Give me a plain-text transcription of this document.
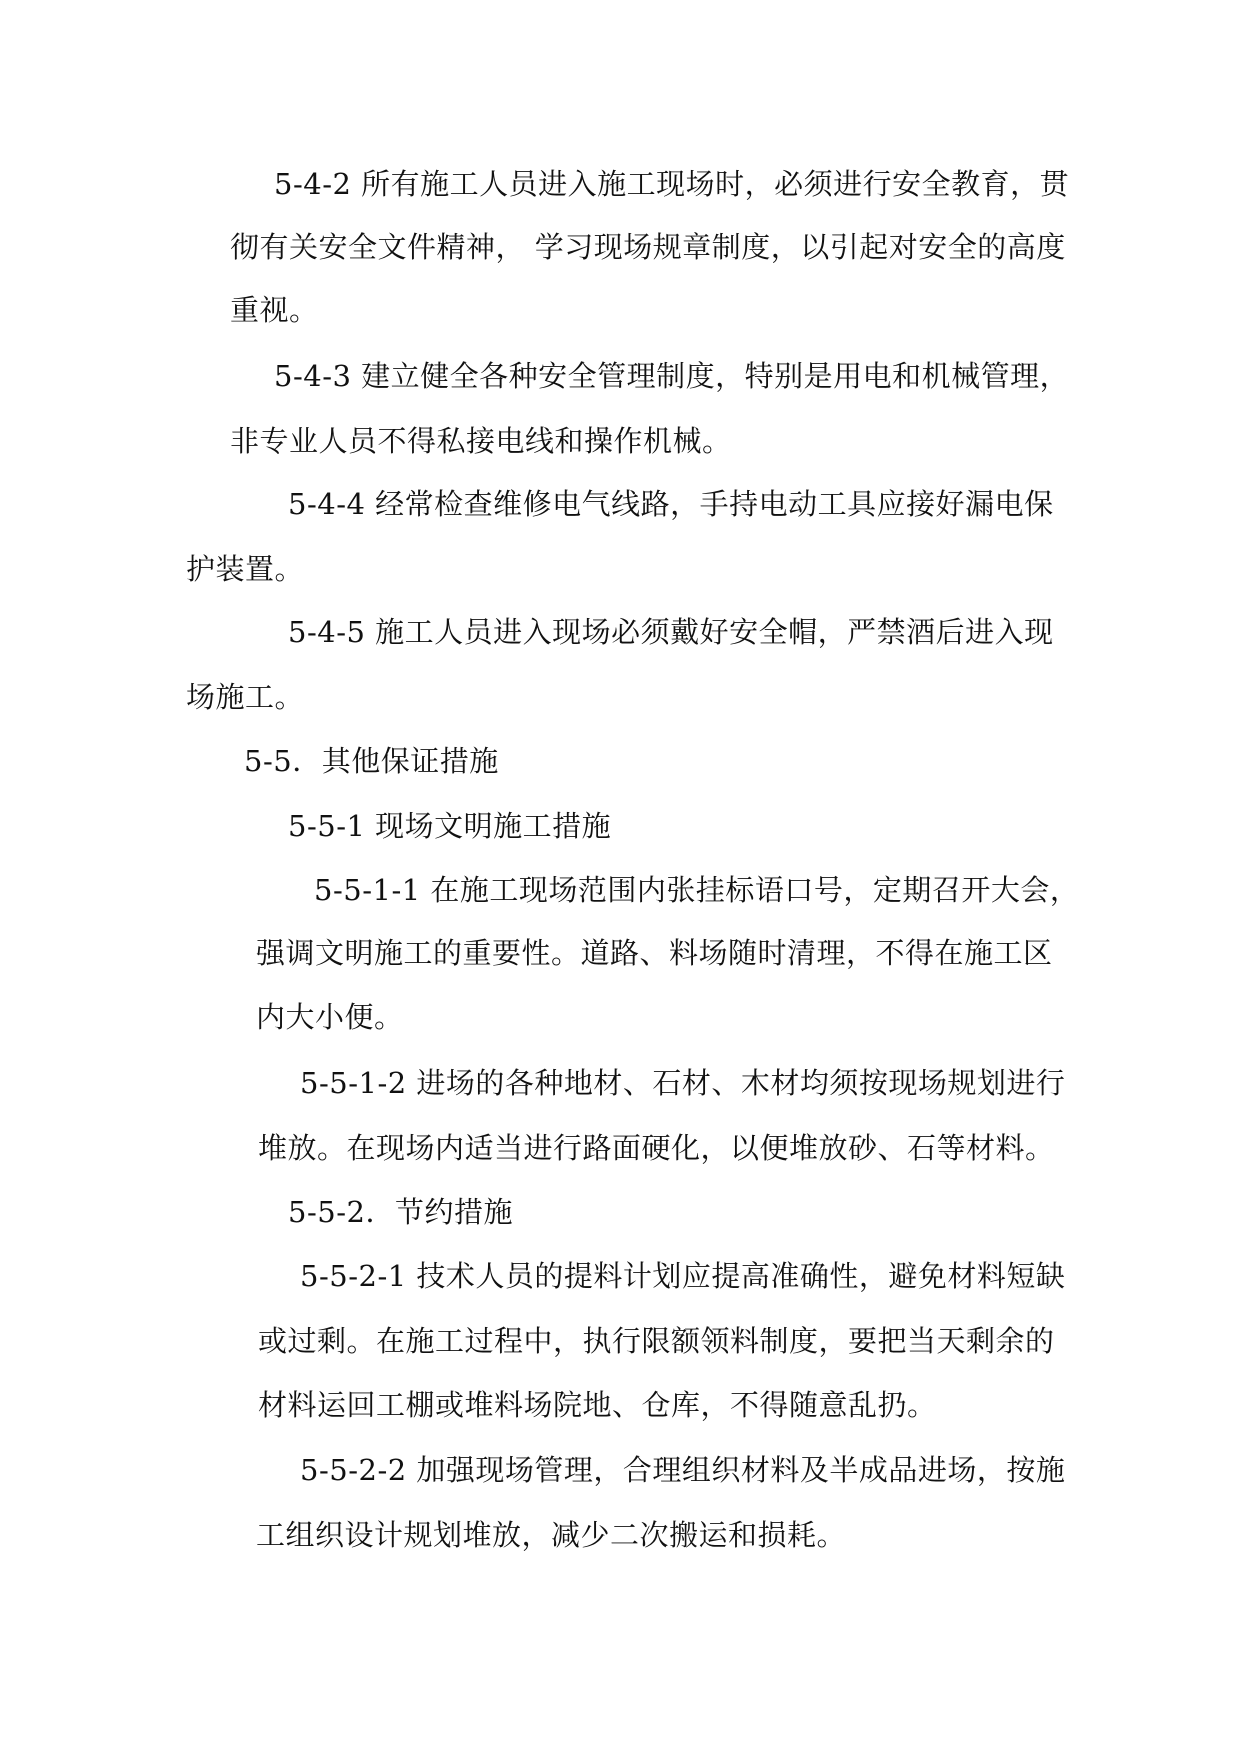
5-4-2 所有施工人员进入施工现场时，必须进行安全教育，贯
彻有关安全文件精神， 学习现场规章制度，以引起对安全的高度
重视。
5-4-3 建立健全各种安全管理制度，特别是用电和机械管理，
非专业人员不得私接电线和操作机械。
5-4-4 经常检查维修电气线路，手持电动工具应接好漏电保
护装置。
5-4-5 施工人员进入现场必须戴好安全帽，严禁酒后进入现
场施工。
5-5．其他保证措施
5-5-1 现场文明施工措施
5-5-1-1 在施工现场范围内张挂标语口号，定期召开大会，
强调文明施工的重要性。道路、料场随时清理，不得在施工区
内大小便。
5-5-1-2 进场的各种地材、石材、木材均须按现场规划进行
堆放。在现场内适当进行路面硬化，以便堆放砂、石等材料。
5-5-2．节约措施
5-5-2-1 技术人员的提料计划应提高准确性，避免材料短缺
或过剩。在施工过程中，执行限额领料制度，要把当天剩余的
材料运回工棚或堆料场院地、仓库，不得随意乱扔。
5-5-2-2 加强现场管理，合理组织材料及半成品进场，按施
工组织设计规划堆放，减少二次搬运和损耗。
